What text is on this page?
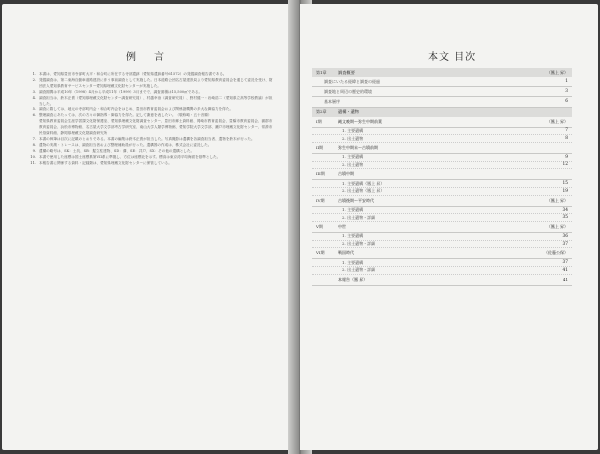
例　言
1. 本書は、愛知県豊田市寺部町大平・和合町に所在する寺部遺跡（愛知県遺跡番号61572）の発掘調査報告書である。
2. 発掘調査は、第二東海自動車道路建設に伴う事前調査として実施した。日本道路公団名古屋建設局より愛知県教育委員会を通じて委託を受け、財団法人愛知県教育サービスセンター愛知県埋蔵文化財センターが実施した。
3. 調査期間は平成10年（1998）4月から平成11年（1999）3月までで、調査面積は15,500㎡である。
4. 調査担当は、鈴木正貴（愛知県埋蔵文化財センター調査研究員）、村越幸治（調査研究員）、野村健一・岩崎浩二（愛知県立高等学校教諭）が担当した。
5. 調査に際しては、地元の寺部町内会・和合町内会をはじめ、豊田市教育委員会および関係諸機関の多大な御協力を得た。
6. 整理調査にあたっては、次の方々の御指導・御協力を得た。記して謝意を表したい。（敬称略・五十音順）
愛知県教育委員会生涯学習課文化財保護室、愛知県埋蔵文化財調査センター、豊田市郷土資料館、岡崎市教育委員会、豊橋市教育委員会、蒲郡市教育委員会、浜松市博物館、名古屋大学文学部考古学研究室、南山大学人類学博物館、愛知学院大学文学部、瀬戸市埋蔵文化財センター、常滑市民俗資料館、静岡県埋蔵文化財調査研究所
7. 本書の執筆は目次に記載のとおりである。本書の編集は鈴木正貴が担当した。写真撮影は遺構を各調査担当者、遺物を鈴木が行った。
8. 遺物の実測・トレースは、調査担当者および整理補助員が行った。遺構図の作成は、株式会社に委託した。
9. 遺構の略号は、SK：土坑、SB：掘立柱建物、SD：溝、SE：井戸、SX：その他の遺構とした。
10. 本書で使用した座標は国土座標系第VII系に準拠し、方位は座標北を示す。標高は東京湾平均海面を基準とした。
11. 本報告書に関係する資料・記録類は、愛知県埋蔵文化財センターに保管している。
本文 目次
第1章	調査概要	（鳳上 昇）
調査にいたる経緯と調査の経過	1
調査地と周辺の歴史的環境	3
基本層序	6
第2章	遺構・遺物
I期	縄文晩期～弥生中期前葉	（鳳上 昇）
1. 主要遺構	7
2. 出土遺物	8
II期	弥生中期末～古墳前期
1. 主要遺構	9
2. 出土遺物	12
III期	古墳中期
1. 主要遺構（鳳上 昇）	15
2. 出土遺物（鳳上 昇）	19
IV期	古墳後期～平安時代	（鳳上 昇）
1. 主要遺構	34
2. 出土遺物・詳細	35
V期	中世	（鳳上 昇）
1. 主要遺構	36
2. 出土遺物・詳細	37
VI期	戦国時代	（佐藤公保）
1. 主要遺構	37
2. 出土遺物・詳細	41
本報告（鳳 昇）	41
